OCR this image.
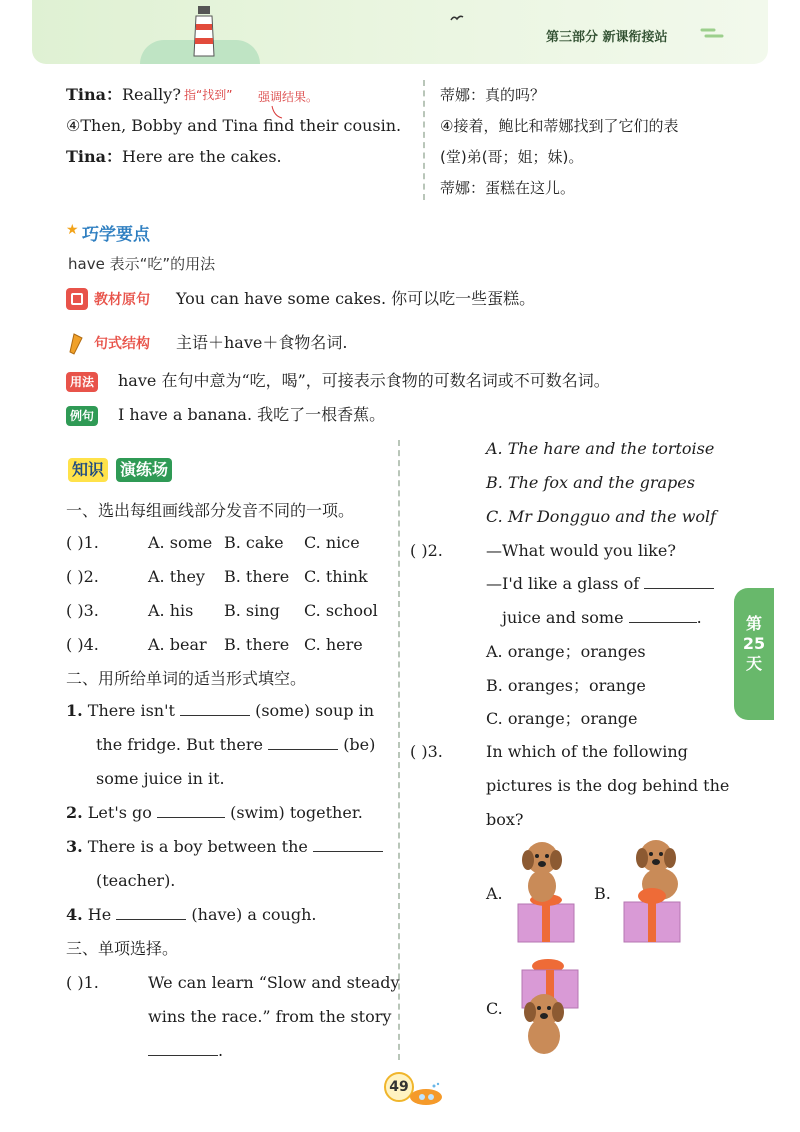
第三部分 新课衔接站
Tina：Really? 指“找到” 强调结果。
④Then, Bobby and Tina find their cousin.
Tina：Here are the cakes.
蒂娜：真的吗？
④接着，鲍比和蒂娜找到了它们的表
(堂)弟(哥；姐；妹)。
蒂娜：蛋糕在这儿。
★ 巧学要点
have 表示“吃”的用法
教材原句 You can have some cakes. 你可以吃一些蛋糕。
句式结构 主语＋have＋食物名词.
用法 have 在句中意为“吃，喝”，可接表示食物的可数名词或不可数名词。
例句 I have a banana. 我吃了一根香蕉。
知识 演练场
一、选出每组画线部分发音不同的一项。
( )1.	A. some B. cake C. nice
( )2.	A. they B. there C. think
( )3.	A. his B. sing C. school
( )4.	A. bear B. there C. here
二、用所给单词的适当形式填空。
1. There isn't	(some) soup in
the fridge. But there	(be)
some juice in it.
2. Let's go	(swim) together.
3. There is a boy between the
(teacher).
4. He	(have) a cough.
三、单项选择。
( )1.	We can learn “Slow and steady
wins the race.” from the story
.
A. The hare and the tortoise
B. The fox and the grapes
C. Mr Dongguo and the wolf
( )2.	—What would you like?
—I'd like a glass of
juice and some	.
A. orange；oranges
B. oranges；orange
C. orange；orange
( )3.	In which of the following
pictures is the dog behind the
box?
A.	B.
C.
第
25
天
49
